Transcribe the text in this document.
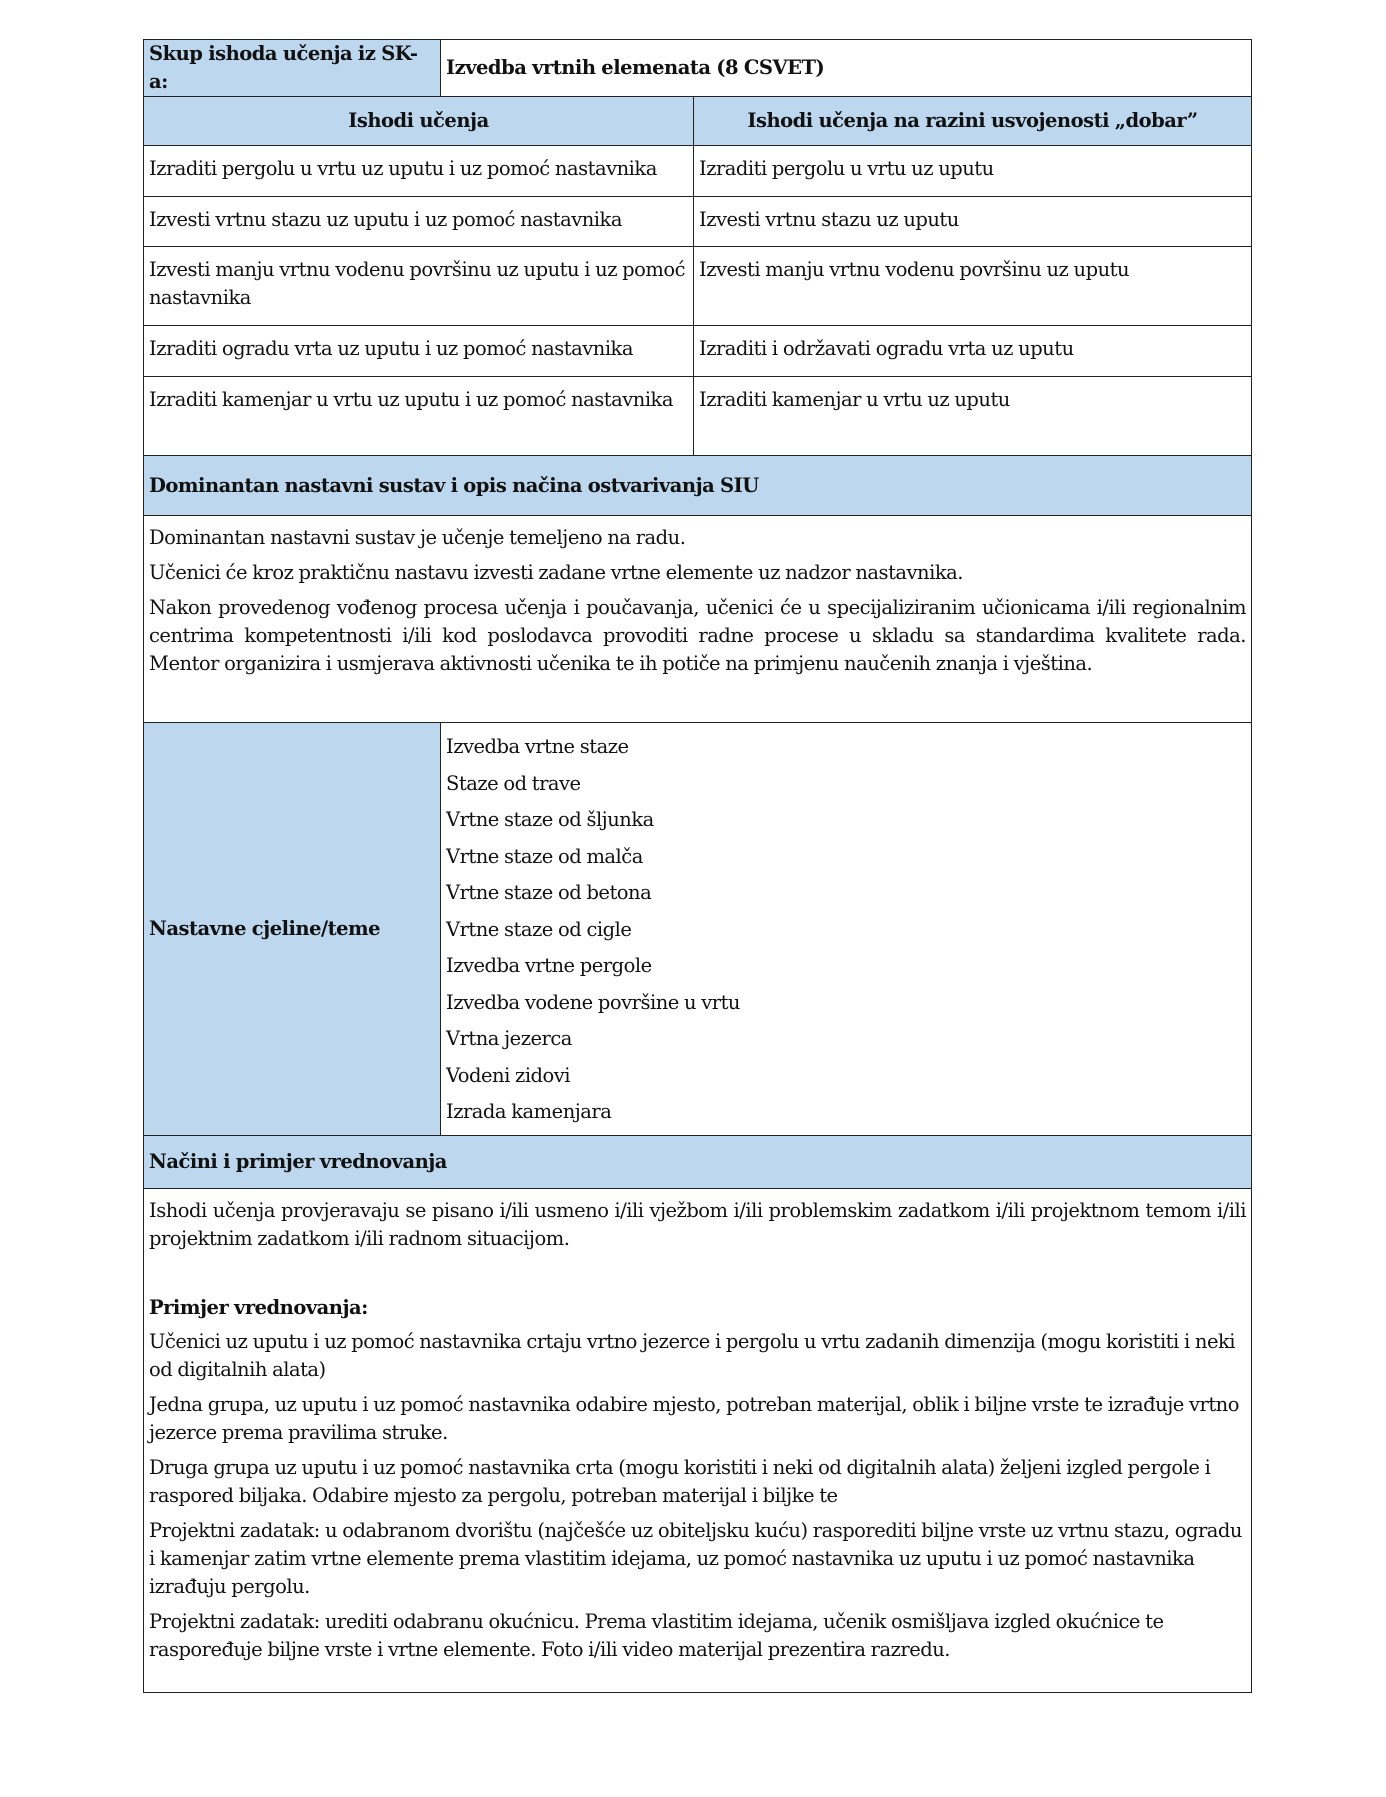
Skup ishoda učenja iz SK-a:	Izvedba vrtnih elemenata (8 CSVET)	
Ishodi učenja		Ishodi učenja na razini usvojenosti „dobar”

Izraditi pergolu u vrtu uz uputu i uz pomoć nastavnika		Izraditi pergolu u vrtu uz uputu

Izvesti vrtnu stazu uz uputu i uz pomoć nastavnika		Izvesti vrtnu stazu uz uputu

Izvesti manju vrtnu vodenu površinu uz uputu i uz pomoć nastavnika		Izvesti manju vrtnu vodenu površinu uz uputu

Izraditi ogradu vrta uz uputu i uz pomoć nastavnika		Izraditi i održavati ogradu vrta uz uputu

Izraditi kamenjar u vrtu uz uputu i uz pomoć nastavnika		Izraditi kamenjar u vrtu uz uputu

Dominantan nastavni sustav i opis načina ostvarivanja SIU		

Dominantan nastavni sustav je učenje temeljeno na radu.

Učenici će kroz praktičnu nastavu izvesti zadane vrtne elemente uz nadzor nastavnika.

Nakon provedenog vođenog procesa učenja i poučavanja, učenici će u specijaliziranim učionicama i/ili regionalnim centrima kompetentnosti i/ili kod poslodavca provoditi radne procese u skladu sa standardima kvalitete rada. Mentor organizira i usmjerava aktivnosti učenika te ih potiče na primjenu naučenih znanja i vještina.		

Nastavne cjeline/teme	
Izvedba vrtne staze
Staze od trave
Vrtne staze od šljunka
Vrtne staze od malča
Vrtne staze od betona
Vrtne staze od cigle
Izvedba vrtne pergole
Izvedba vodene površine u vrtu
Vrtna jezerca
Vodeni zidovi
Izrada kamenjara

Načini i primjer vrednovanja		

Ishodi učenja provjeravaju se pisano i/ili usmeno i/ili vježbom i/ili problemskim zadatkom i/ili projektnom temom i/ili projektnim zadatkom i/ili radnom situacijom.

Primjer vrednovanja:

Učenici uz uputu i uz pomoć nastavnika crtaju vrtno jezerce i pergolu u vrtu zadanih dimenzija (mogu koristiti i neki od digitalnih alata)

Jedna grupa, uz uputu i uz pomoć nastavnika odabire mjesto, potreban materijal, oblik i biljne vrste te izrađuje vrtno jezerce prema pravilima struke.

Druga grupa uz uputu i uz pomoć nastavnika crta (mogu koristiti i neki od digitalnih alata) željeni izgled pergole i raspored biljaka. Odabire mjesto za pergolu, potreban materijal i biljke te

Projektni zadatak: u odabranom dvorištu (najčešće uz obiteljsku kuću) rasporediti biljne vrste uz vrtnu stazu, ogradu i kamenjar zatim vrtne elemente prema vlastitim idejama, uz pomoć nastavnika uz uputu i uz pomoć nastavnika izrađuju pergolu.

Projektni zadatak: urediti odabranu okućnicu. Prema vlastitim idejama, učenik osmišljava izgled okućnice te raspoređuje biljne vrste i vrtne elemente. Foto i/ili video materijal prezentira razredu.
